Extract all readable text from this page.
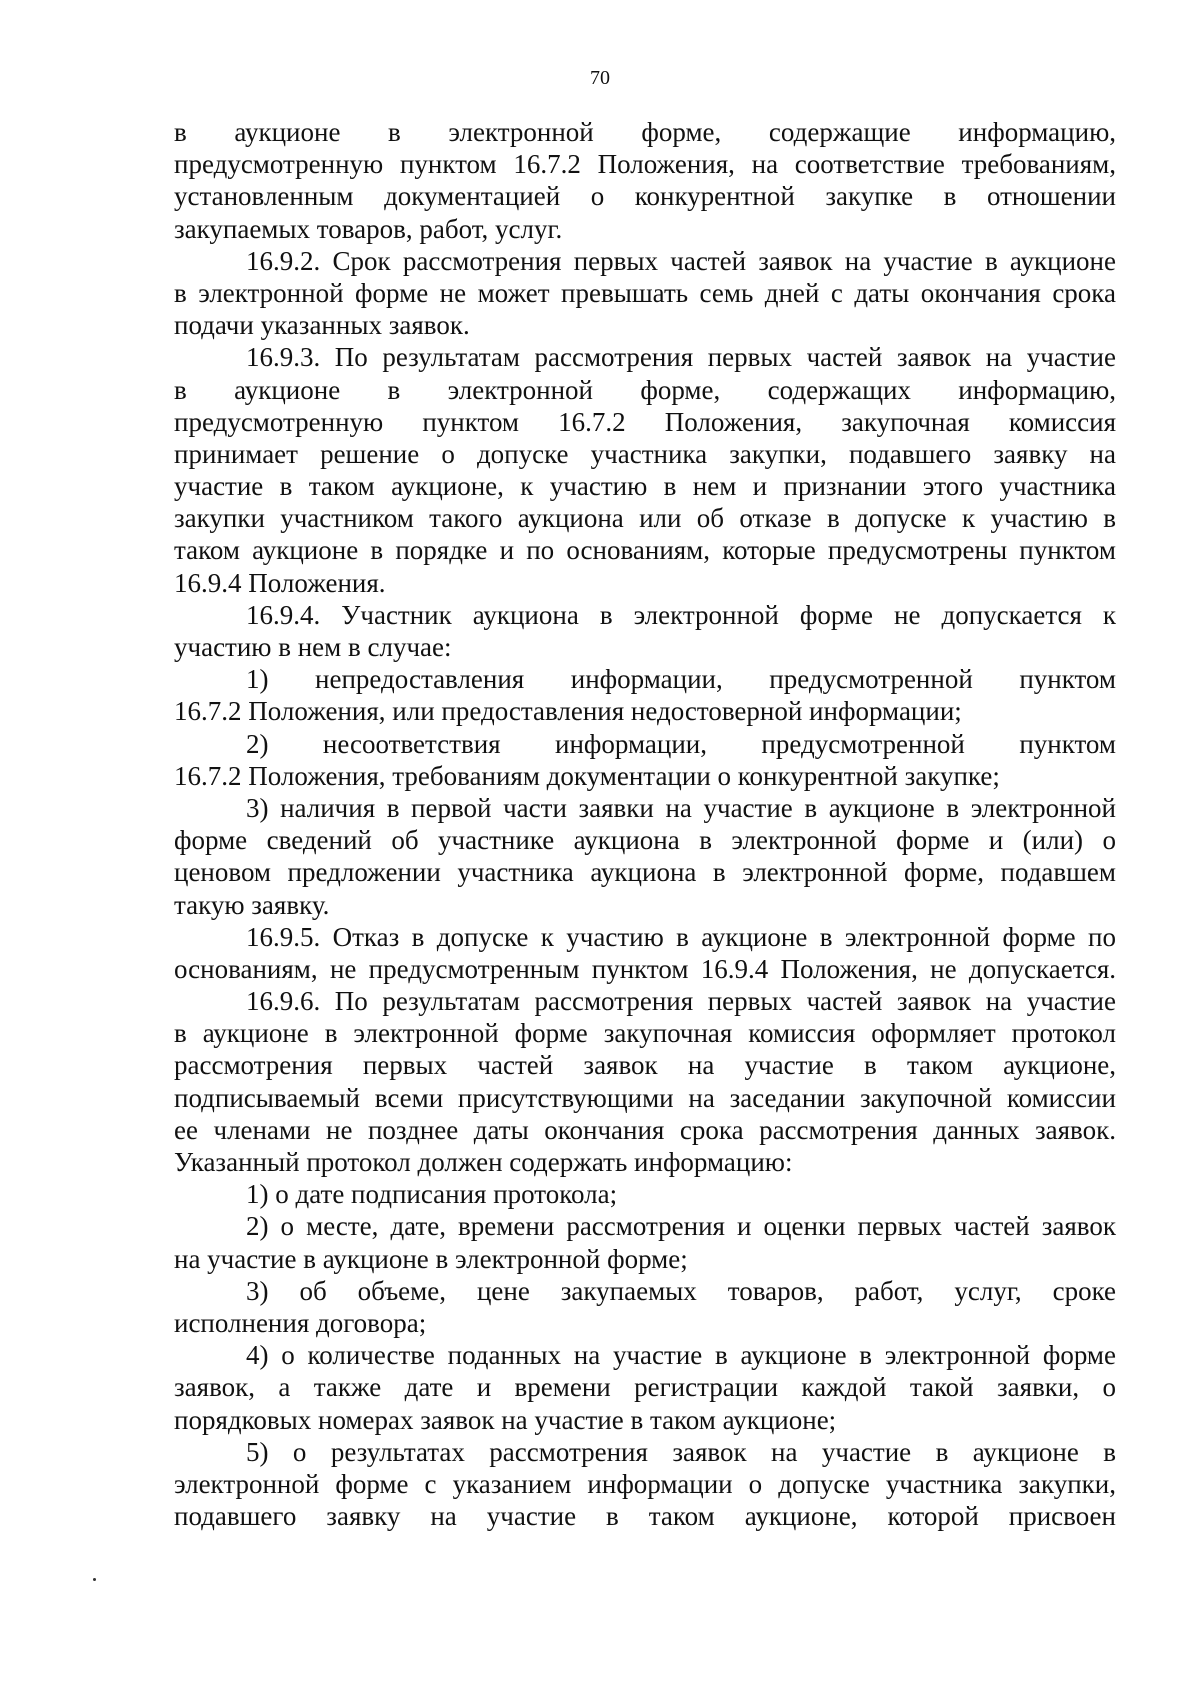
70
в аукционе в электронной форме, содержащие информацию,
предусмотренную пунктом 16.7.2 Положения, на соответствие требованиям,
установленным документацией о конкурентной закупке в отношении
закупаемых товаров, работ, услуг.
16.9.2. Срок рассмотрения первых частей заявок на участие в аукционе
в электронной форме не может превышать семь дней с даты окончания срока
подачи указанных заявок.
16.9.3. По результатам рассмотрения первых частей заявок на участие
в аукционе в электронной форме, содержащих информацию,
предусмотренную пунктом 16.7.2 Положения, закупочная комиссия
принимает решение о допуске участника закупки, подавшего заявку на
участие в таком аукционе, к участию в нем и признании этого участника
закупки участником такого аукциона или об отказе в допуске к участию в
таком аукционе в порядке и по основаниям, которые предусмотрены пунктом
16.9.4 Положения.
16.9.4. Участник аукциона в электронной форме не допускается к
участию в нем в случае:
1) непредоставления информации, предусмотренной пунктом
16.7.2 Положения, или предоставления недостоверной информации;
2) несоответствия информации, предусмотренной пунктом
16.7.2 Положения, требованиям документации о конкурентной закупке;
3) наличия в первой части заявки на участие в аукционе в электронной
форме сведений об участнике аукциона в электронной форме и (или) о
ценовом предложении участника аукциона в электронной форме, подавшем
такую заявку.
16.9.5. Отказ в допуске к участию в аукционе в электронной форме по
основаниям, не предусмотренным пунктом 16.9.4 Положения, не допускается.
16.9.6. По результатам рассмотрения первых частей заявок на участие
в аукционе в электронной форме закупочная комиссия оформляет протокол
рассмотрения первых частей заявок на участие в таком аукционе,
подписываемый всеми присутствующими на заседании закупочной комиссии
ее членами не позднее даты окончания срока рассмотрения данных заявок.
Указанный протокол должен содержать информацию:
1) о дате подписания протокола;
2) о месте, дате, времени рассмотрения и оценки первых частей заявок
на участие в аукционе в электронной форме;
3) об объеме, цене закупаемых товаров, работ, услуг, сроке
исполнения договора;
4) о количестве поданных на участие в аукционе в электронной форме
заявок, а также дате и времени регистрации каждой такой заявки, о
порядковых номерах заявок на участие в таком аукционе;
5) о результатах рассмотрения заявок на участие в аукционе в
электронной форме с указанием информации о допуске участника закупки,
подавшего заявку на участие в таком аукционе, которой присвоен
